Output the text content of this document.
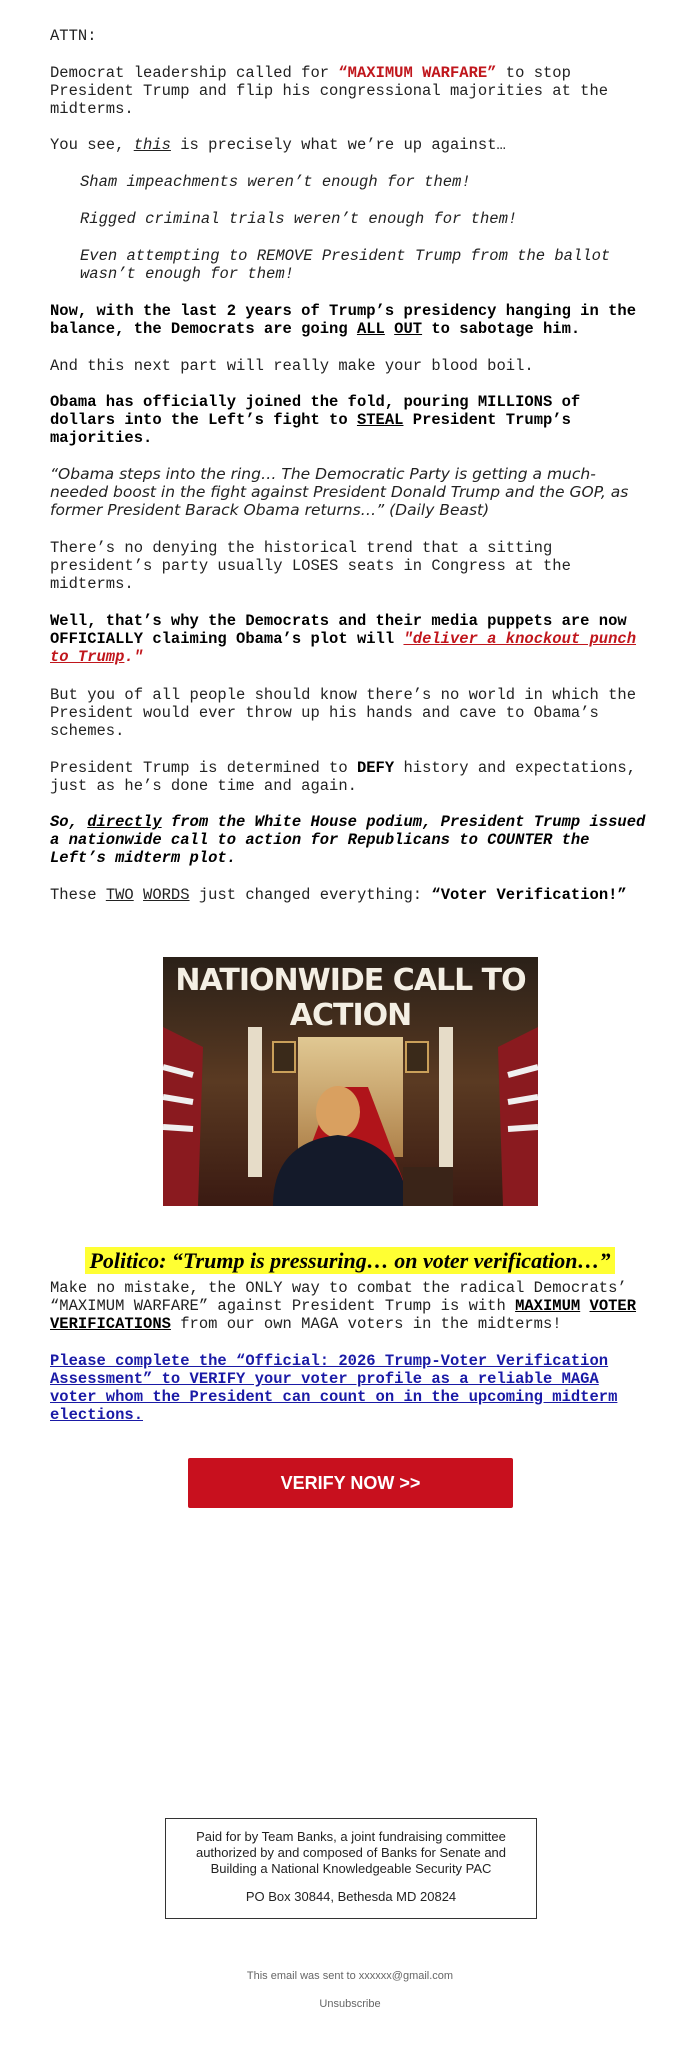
ATTN:

Democrat leadership called for “MAXIMUM WARFARE” to stop President Trump and flip his congressional majorities at the midterms.

You see, this is precisely what we’re up against…

Sham impeachments weren’t enough for them!

Rigged criminal trials weren’t enough for them!

Even attempting to REMOVE President Trump from the ballot wasn’t enough for them!

Now, with the last 2 years of Trump’s presidency hanging in the balance, the Democrats are going ALL OUT to sabotage him.

And this next part will really make your blood boil.

Obama has officially joined the fold, pouring MILLIONS of dollars into the Left’s fight to STEAL President Trump’s majorities.

“Obama steps into the ring… The Democratic Party is getting a much-needed boost in the fight against President Donald Trump and the GOP, as former President Barack Obama returns…” (Daily Beast)

There’s no denying the historical trend that a sitting president’s party usually LOSES seats in Congress at the midterms.

Well, that’s why the Democrats and their media puppets are now OFFICIALLY claiming Obama’s plot will "deliver a knockout punch to Trump."

But you of all people should know there’s no world in which the President would ever throw up his hands and cave to Obama’s schemes.

President Trump is determined to DEFY history and expectations, just as he’s done time and again.

So, directly from the White House podium, President Trump issued a nationwide call to action for Republicans to COUNTER the Left’s midterm plot.

These TWO WORDS just changed everything: “Voter Verification!”

Make no mistake, the ONLY way to combat the radical Democrats’ “MAXIMUM WARFARE” against President Trump is with MAXIMUM VOTER VERIFICATIONS from our own MAGA voters in the midterms!

Please complete the “Official: 2026 Trump-Voter Verification Assessment” to VERIFY your voter profile as a reliable MAGA voter whom the President can count on in the upcoming midterm elections.

NATIONWIDE CALL TO ACTION
Politico: “Trump is pressuring… on voter verification…”
VERIFY NOW >>
Paid for by Team Banks, a joint fundraising committee authorized by and composed of Banks for Senate and Building a National Knowledgeable Security PAC
PO Box 30844, Bethesda MD 20824
This email was sent to xxxxxx@gmail.com
Unsubscribe
